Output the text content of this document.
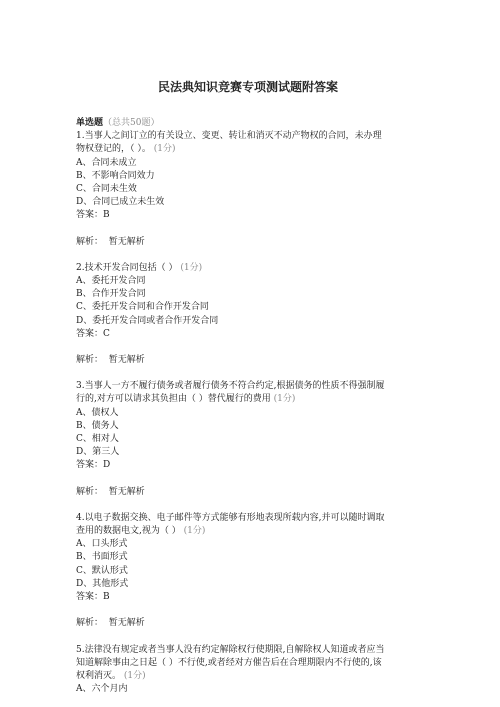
民法典知识竞赛专项测试题附答案

单选题（总共50题）

1.当事人之间订立的有关设立、变更、转让和消灭不动产物权的合同，未办理

物权登记的，（ ）。 (1分)

A、合同未成立

B、不影响合同效力

C、合同未生效

D、合同已成立未生效

答案：B

解析：  暂无解析

2.技术开发合同包括（ ） (1分)

A、委托开发合同

B、合作开发合同

C、委托开发合同和合作开发合同

D、委托开发合同或者合作开发合同

答案：C

解析：  暂无解析

3.当事人一方不履行债务或者履行债务不符合约定,根据债务的性质不得强制履

行的,对方可以请求其负担由（ ）替代履行的费用 (1分)

A、债权人

B、债务人

C、相对人

D、第三人

答案：D

解析：  暂无解析

4.以电子数据交换、电子邮件等方式能够有形地表现所载内容,并可以随时调取

查用的数据电文,视为（ ） (1分)

A、口头形式

B、书面形式

C、默认形式

D、其他形式

答案：B

解析：  暂无解析

5.法律没有规定或者当事人没有约定解除权行使期限,自解除权人知道或者应当

知道解除事由之日起（ ）不行使,或者经对方催告后在合理期限内不行使的,该

权利消灭。 (1分)

A、六个月内
